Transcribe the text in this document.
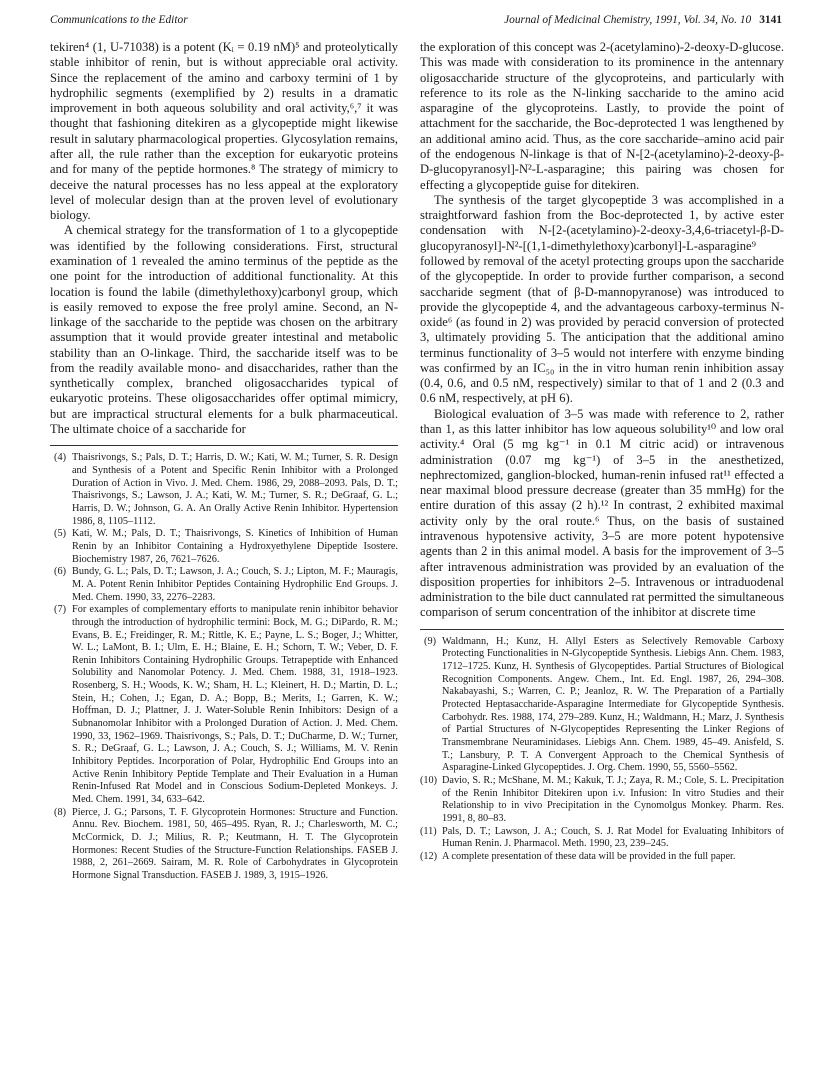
Communications to the Editor	Journal of Medicinal Chemistry, 1991, Vol. 34, No. 10 3141

tekiren⁴ (1, U-71038) is a potent (Kᵢ = 0.19 nM)⁵ and proteolytically stable inhibitor of renin, but is without appreciable oral activity. Since the replacement of the amino and carboxy termini of 1 by hydrophilic segments (exemplified by 2) results in a dramatic improvement in both aqueous solubility and oral activity,⁶,⁷ it was thought that fashioning ditekiren as a glycopeptide might likewise result in salutary pharmacological properties. Glycosylation remains, after all, the rule rather than the exception for eukaryotic proteins and for many of the peptide hormones.⁸ The strategy of mimicry to deceive the natural processes has no less appeal at the exploratory level of molecular design than at the proven level of evolutionary biology.

A chemical strategy for the transformation of 1 to a glycopeptide was identified by the following considerations. First, structural examination of 1 revealed the amino terminus of the peptide as the one point for the introduction of additional functionality. At this location is found the labile (dimethylethoxy)carbonyl group, which is easily removed to expose the free prolyl amine. Second, an N-linkage of the saccharide to the peptide was chosen on the arbitrary assumption that it would provide greater intestinal and metabolic stability than an O-linkage. Third, the saccharide itself was to be from the readily available mono- and disaccharides, rather than the synthetically complex, branched oligosaccharides typical of eukaryotic proteins. These oligosaccharides offer optimal mimicry, but are impractical structural elements for a bulk pharmaceutical. The ultimate choice of a saccharide for

(4) Thaisrivongs, S.; Pals, D. T.; Harris, D. W.; Kati, W. M.; Turner, S. R. Design and Synthesis of a Potent and Specific Renin Inhibitor with a Prolonged Duration of Action in Vivo. J. Med. Chem. 1986, 29, 2088–2093. Pals, D. T.; Thaisrivongs, S.; Lawson, J. A.; Kati, W. M.; Turner, S. R.; DeGraaf, G. L.; Harris, D. W.; Johnson, G. A. An Orally Active Renin Inhibitor. Hypertension 1986, 8, 1105–1112.
(5) Kati, W. M.; Pals, D. T.; Thaisrivongs, S. Kinetics of Inhibition of Human Renin by an Inhibitor Containing a Hydroxyethylene Dipeptide Isostere. Biochemistry 1987, 26, 7621–7626.
(6) Bundy, G. L.; Pals, D. T.; Lawson, J. A.; Couch, S. J.; Lipton, M. F.; Mauragis, M. A. Potent Renin Inhibitor Peptides Containing Hydrophilic End Groups. J. Med. Chem. 1990, 33, 2276–2283.
(7) For examples of complementary efforts to manipulate renin inhibitor behavior through the introduction of hydrophilic termini: Bock, M. G.; DiPardo, R. M.; Evans, B. E.; Freidinger, R. M.; Rittle, K. E.; Payne, L. S.; Boger, J.; Whitter, W. L.; LaMont, B. I.; Ulm, E. H.; Blaine, E. H.; Schorn, T. W.; Veber, D. F. Renin Inhibitors Containing Hydrophilic Groups. Tetrapeptide with Enhanced Solubility and Nanomolar Potency. J. Med. Chem. 1988, 31, 1918–1923. Rosenberg, S. H.; Woods, K. W.; Sham, H. L.; Kleinert, H. D.; Martin, D. L.; Stein, H.; Cohen, J.; Egan, D. A.; Bopp, B.; Merits, I.; Garren, K. W.; Hoffman, D. J.; Plattner, J. J. Water-Soluble Renin Inhibitors: Design of a Subnanomolar Inhibitor with a Prolonged Duration of Action. J. Med. Chem. 1990, 33, 1962–1969. Thaisrivongs, S.; Pals, D. T.; DuCharme, D. W.; Turner, S. R.; DeGraaf, G. L.; Lawson, J. A.; Couch, S. J.; Williams, M. V. Renin Inhibitory Peptides. Incorporation of Polar, Hydrophilic End Groups into an Active Renin Inhibitory Peptide Template and Their Evaluation in a Human Renin-Infused Rat Model and in Conscious Sodium-Depleted Monkeys. J. Med. Chem. 1991, 34, 633–642.
(8) Pierce, J. G.; Parsons, T. F. Glycoprotein Hormones: Structure and Function. Annu. Rev. Biochem. 1981, 50, 465–495. Ryan, R. J.; Charlesworth, M. C.; McCormick, D. J.; Milius, R. P.; Keutmann, H. T. The Glycoprotein Hormones: Recent Studies of the Structure-Function Relationships. FASEB J. 1988, 2, 261–2669. Sairam, M. R. Role of Carbohydrates in Glycoprotein Hormone Signal Transduction. FASEB J. 1989, 3, 1915–1926.

the exploration of this concept was 2-(acetylamino)-2-deoxy-D-glucose. This was made with consideration to its prominence in the antennary oligosaccharide structure of the glycoproteins, and particularly with reference to its role as the N-linking saccharide to the amino acid asparagine of the glycoproteins. Lastly, to provide the point of attachment for the saccharide, the Boc-deprotected 1 was lengthened by an additional amino acid. Thus, as the core saccharide–amino acid pair of the endogenous N-linkage is that of N-[2-(acetylamino)-2-deoxy-β-D-glucopyranosyl]-N²-L-asparagine; this pairing was chosen for effecting a glycopeptide guise for ditekiren.

The synthesis of the target glycopeptide 3 was accomplished in a straightforward fashion from the Boc-deprotected 1, by active ester condensation with N-[2-(acetylamino)-2-deoxy-3,4,6-triacetyl-β-D-glucopyranosyl]-N²-[(1,1-dimethylethoxy)carbonyl]-L-asparagine⁹ followed by removal of the acetyl protecting groups upon the saccharide of the glycopeptide. In order to provide further comparison, a second saccharide segment (that of β-D-mannopyranose) was introduced to provide the glycopeptide 4, and the advantageous carboxy-terminus N-oxide⁶ (as found in 2) was provided by peracid conversion of protected 3, ultimately providing 5. The anticipation that the additional amino terminus functionality of 3–5 would not interfere with enzyme binding was confirmed by an IC₅₀ in the in vitro human renin inhibition assay (0.4, 0.6, and 0.5 nM, respectively) similar to that of 1 and 2 (0.3 and 0.6 nM, respectively, at pH 6).

Biological evaluation of 3–5 was made with reference to 2, rather than 1, as this latter inhibitor has low aqueous solubility¹⁰ and low oral activity.⁴ Oral (5 mg kg⁻¹ in 0.1 M citric acid) or intravenous administration (0.07 mg kg⁻¹) of 3–5 in the anesthetized, nephrectomized, ganglion-blocked, human-renin infused rat¹¹ effected a near maximal blood pressure decrease (greater than 35 mmHg) for the entire duration of this assay (2 h).¹² In contrast, 2 exhibited maximal activity only by the oral route.⁶ Thus, on the basis of sustained intravenous hypotensive activity, 3–5 are more potent hypotensive agents than 2 in this animal model. A basis for the improvement of 3–5 after intravenous administration was provided by an evaluation of the disposition properties for inhibitors 2–5. Intravenous or intraduodenal administration to the bile duct cannulated rat permitted the simultaneous comparison of serum concentration of the inhibitor at discrete time

(9) Waldmann, H.; Kunz, H. Allyl Esters as Selectively Removable Carboxy Protecting Functionalities in N-Glycopeptide Synthesis. Liebigs Ann. Chem. 1983, 1712–1725. Kunz, H. Synthesis of Glycopeptides. Partial Structures of Biological Recognition Components. Angew. Chem., Int. Ed. Engl. 1987, 26, 294–308. Nakabayashi, S.; Warren, C. P.; Jeanloz, R. W. The Preparation of a Partially Protected Heptasaccharide-Asparagine Intermediate for Glycopeptide Synthesis. Carbohydr. Res. 1988, 174, 279–289. Kunz, H.; Waldmann, H.; Marz, J. Synthesis of Partial Structures of N-Glycopeptides Representing the Linker Regions of Transmembrane Neuraminidases. Liebigs Ann. Chem. 1989, 45–49. Anisfeld, S. T.; Lansbury, P. T. A Convergent Approach to the Chemical Synthesis of Asparagine-Linked Glycopeptides. J. Org. Chem. 1990, 55, 5560–5562.
(10) Davio, S. R.; McShane, M. M.; Kakuk, T. J.; Zaya, R. M.; Cole, S. L. Precipitation of the Renin Inhibitor Ditekiren upon i.v. Infusion: In vitro Studies and their Relationship to in vivo Precipitation in the Cynomolgus Monkey. Pharm. Res. 1991, 8, 80–83.
(11) Pals, D. T.; Lawson, J. A.; Couch, S. J. Rat Model for Evaluating Inhibitors of Human Renin. J. Pharmacol. Meth. 1990, 23, 239–245.
(12) A complete presentation of these data will be provided in the full paper.
